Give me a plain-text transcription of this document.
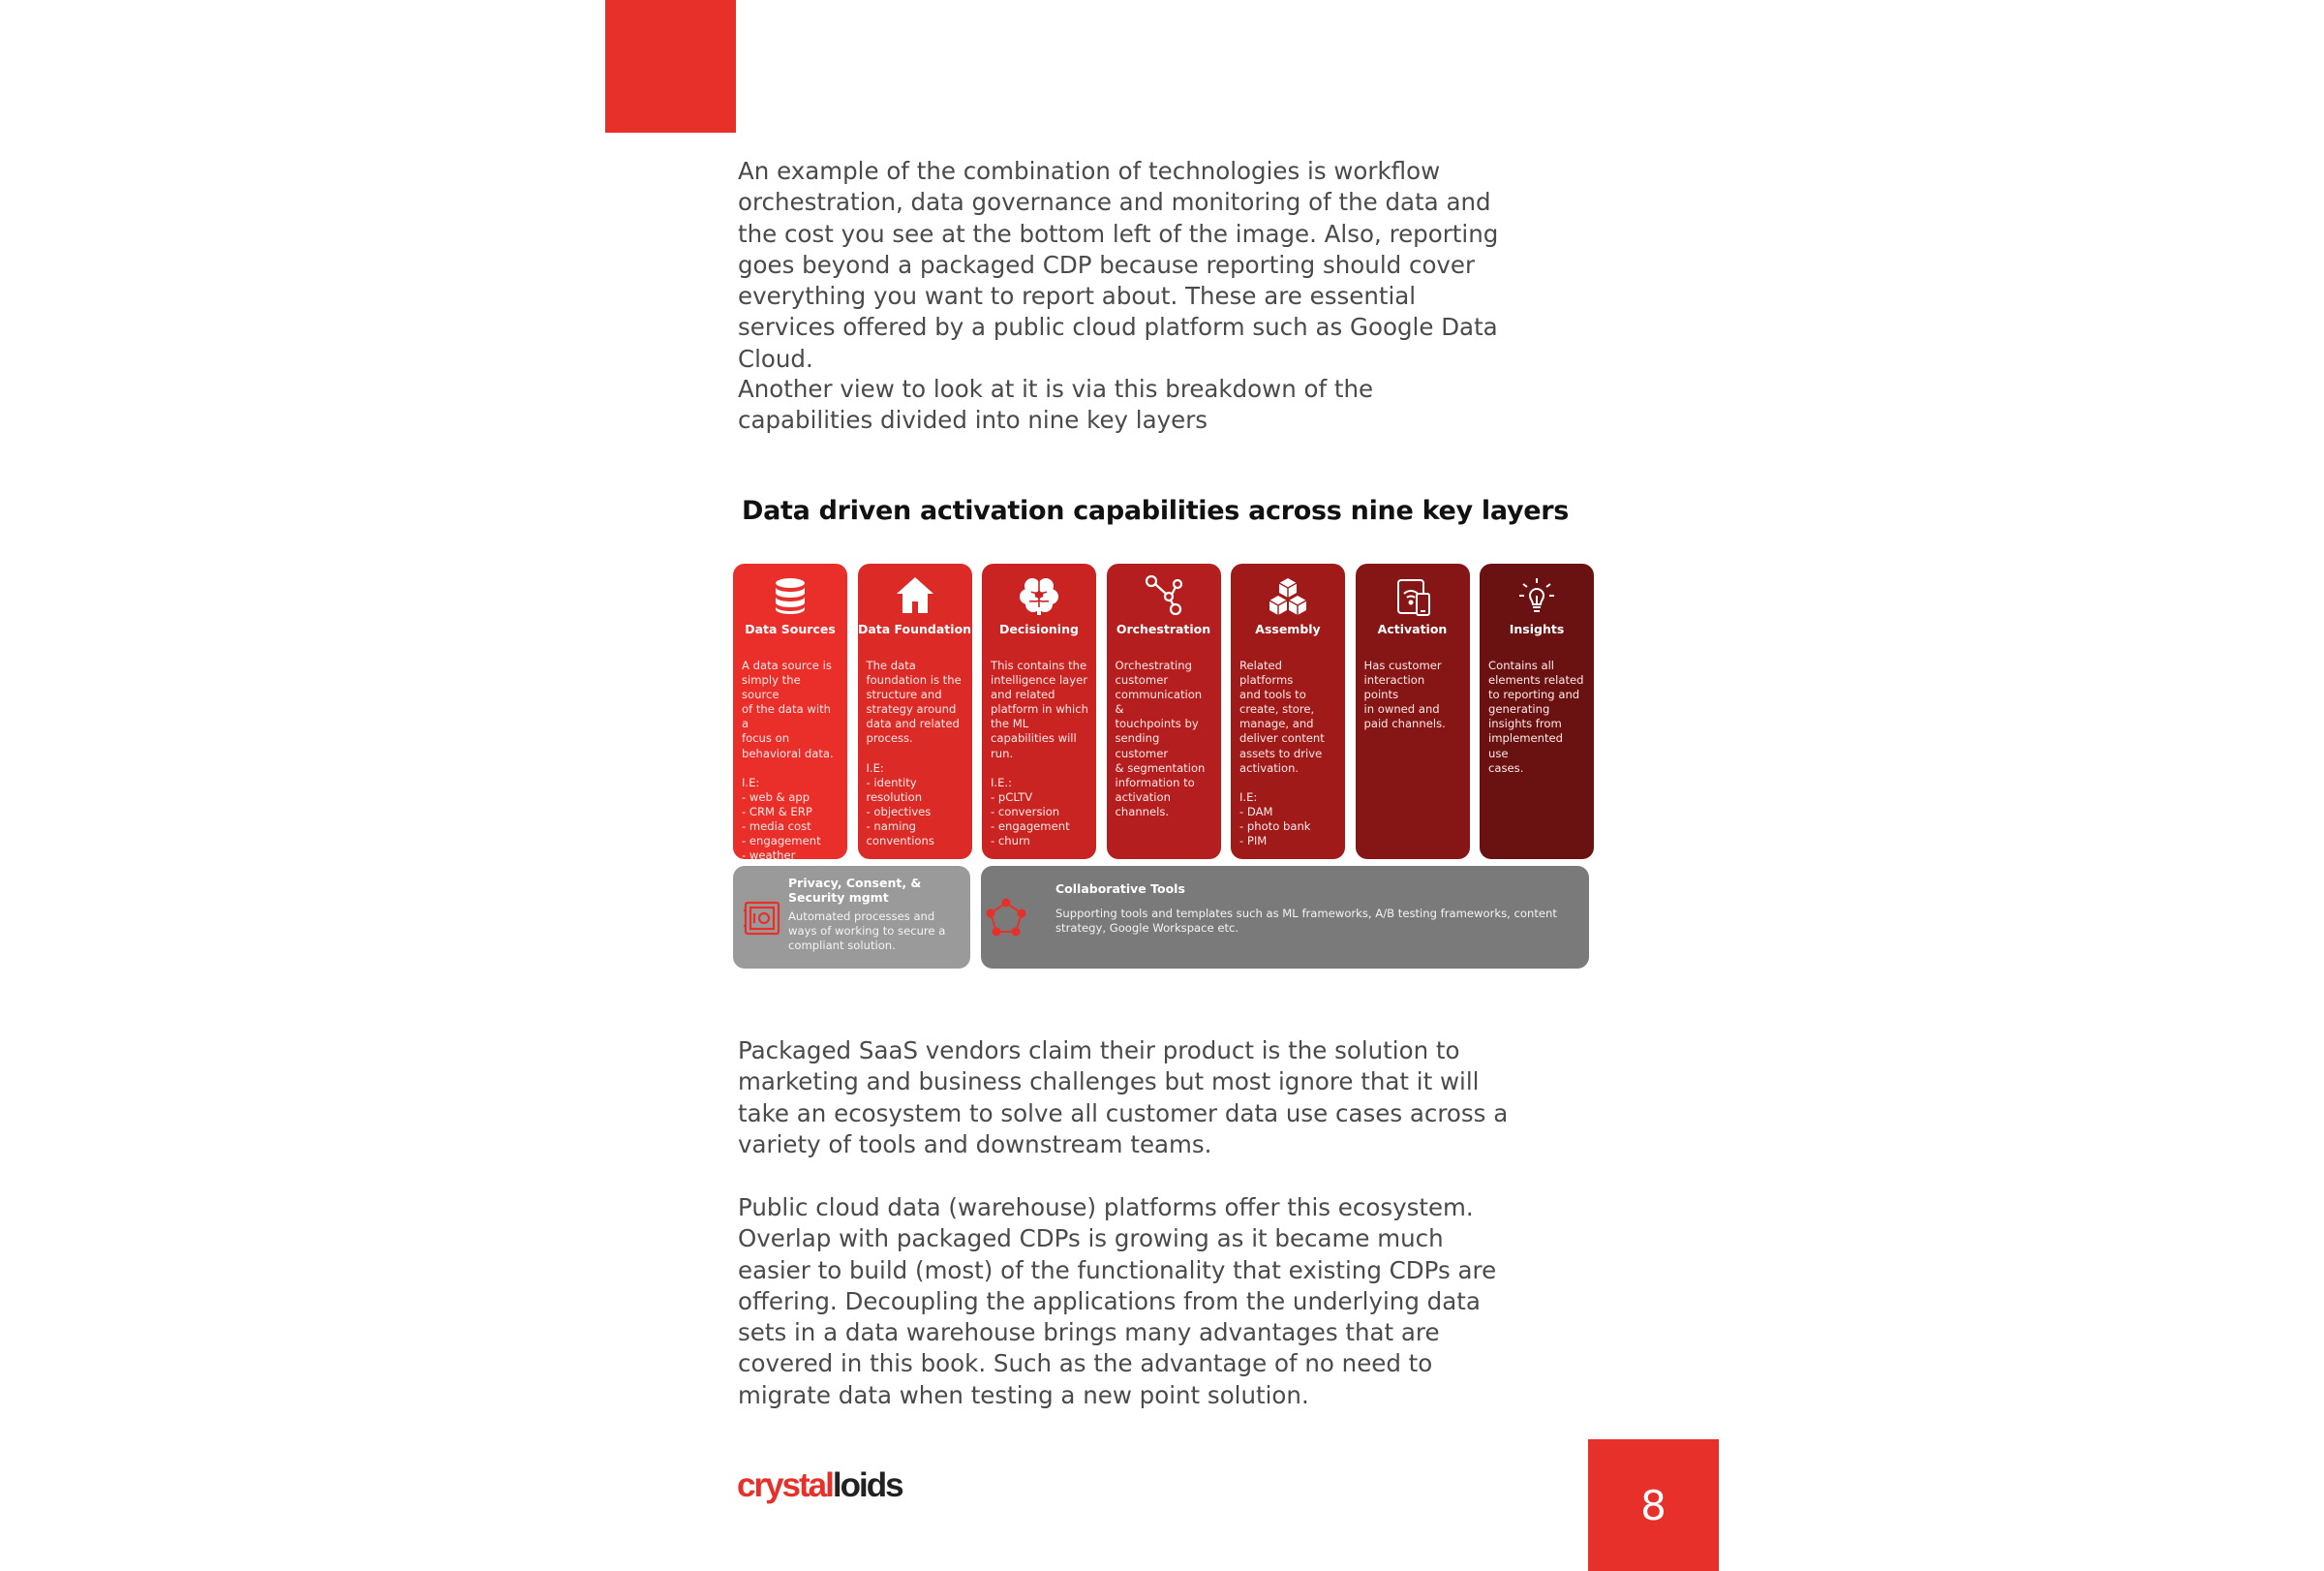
An example of the combination of technologies is workflow orchestration, data governance and monitoring of the data and the cost you see at the bottom left of the image. Also, reporting goes beyond a packaged CDP because reporting should cover everything you want to report about. These are essential services offered by a public cloud platform such as Google Data Cloud.

Another view to look at it is via this breakdown of the capabilities divided into nine key layers

Data driven activation capabilities across nine key layers
Data Sources
A data source is
simply the source
of the data with a
focus on
behavioral data.

I.E:
- web & app
- CRM & ERP
- media cost
- engagement
- weather

Data Foundation
The data
foundation is the
structure and
strategy around
data and related
process.

I.E:
- identity
resolution
- objectives
- naming
conventions
Decisioning
This contains the
intelligence layer
and related
platform in which
the ML
capabilities will
run.

I.E.:
- pCLTV
- conversion
- engagement
- churn
Orchestration
Orchestrating
customer
communication &
touchpoints by
sending customer
& segmentation
information to
activation
channels.
Assembly
Related platforms
and tools to
create, store,
manage, and
deliver content
assets to drive
activation.

I.E:
- DAM
- photo bank
- PIM
Activation
Has customer
interaction points
in owned and
paid channels.
Insights
Contains all
elements related
to reporting and
generating
insights from
implemented use
cases.
Privacy, Consent, &
Security mgmt
Automated processes and
ways of working to secure a
compliant solution.
Collaborative Tools
Supporting tools and templates such as ML frameworks, A/B testing frameworks, content
strategy, Google Workspace etc.

Packaged SaaS vendors claim their product is the solution to marketing and business challenges but most ignore that it will take an ecosystem to solve all customer data use cases across a variety of tools and downstream teams.

Public cloud data (warehouse) platforms offer this ecosystem. Overlap with packaged CDPs is growing as it became much easier to build (most) of the functionality that existing CDPs are offering. Decoupling the applications from the underlying data sets in a data warehouse brings many advantages that are covered in this book. Such as the advantage of no need to migrate data when testing a new point solution.

crystalloids	8
